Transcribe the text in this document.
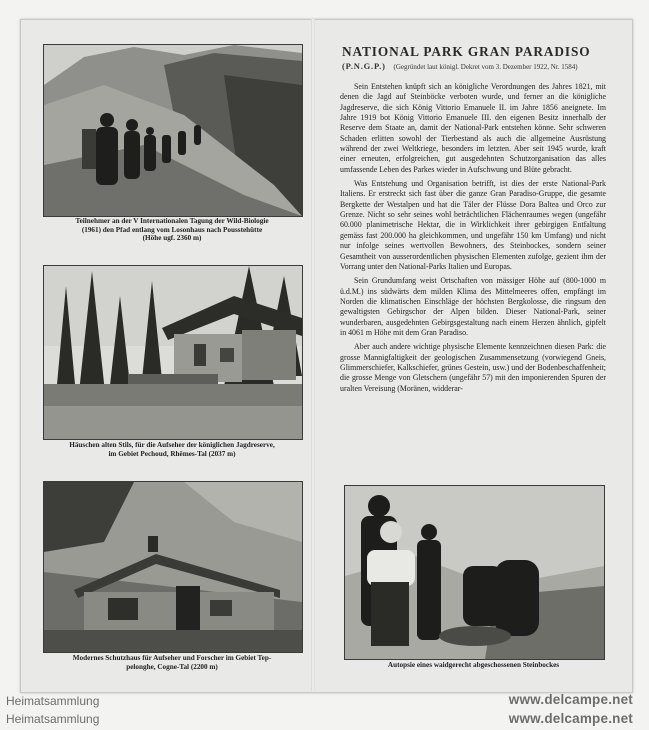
Teilnehmer an der V Internationalen Tagung der Wild-Biologie
(1961) den Pfad entlang vom Losonhaus nach Pousstehütte
(Höhe ugf. 2360 m)
Häuschen alten Stils, für die Aufseher der königlichen Jagdreserve,
im Gebiet Pechoud, Rhêmes-Tal (2037 m)
Modernes Schutzhaus für Aufseher und Forscher im Gebiet Tep-
pelonghe, Cogne-Tal (2200 m)
NATIONAL PARK GRAN PARADISO
(P.N.G.P.) (Gegründet laut königl. Dekret vom 3. Dezember 1922, Nr. 1584)

Sein Entstehen knüpft sich an königliche Verordnungen des Jahres 1821, mit denen die Jagd auf Steinböcke verboten wurde, und ferner an die königliche Jagdreserve, die sich König Vittorio Emanuele II. im Jahre 1856 aneignete. Im Jahre 1919 bot König Vittorio Emanuele III. den eigenen Besitz innerhalb der Reserve dem Staate an, damit der National-Park entstehen könne. Sehr schweren Schaden erlitten sowohl der Tierbestand als auch die allgemeine Ausrüstung während der zwei Weltkriege, besonders im letzten. Aber seit 1945 wurde, kraft einer erneuten, erfolgreichen, gut ausgedehnten Schutzorganisation das alles umfassende Leben des Parkes wieder in Aufschwung und Blüte gebracht.

Was Entstehung und Organisation betrifft, ist dies der erste National-Park Italiens. Er erstreckt sich fast über die ganze Gran Paradiso-Gruppe, die gesamte Bergkette der Westalpen und hat die Täler der Flüsse Dora Baltea und Orco zur Grenze. Nicht so sehr seines wohl beträchtlichen Flächenraumes wegen (ungefähr 60.000 planimetrische Hektar, die in Wirklichkeit ihrer gebirgigen Entfaltung gemäss fast 200.000 ha gleichkommen, und ungefähr 150 km Umfang) und nicht nur infolge seines wertvollen Bewohners, des Steinbockes, sondern seiner Gesamtheit von ausserordentlichen physischen Elementen zufolge, gezient ihm der Vorrang unter den National-Parks Italien und Europas.

Sein Grundumfang weist Ortschaften von mässiger Höhe auf (800-1000 m ü.d.M.) ins südwärts dem milden Klima des Mittelmeeres offen, empfängt im Norden die klimatischen Einschläge der höchsten Bergkolosse, die ringsum den gewaltigsten Gebirgschor der Alpen bilden. Dieser National-Park, seiner wunderbaren, ausgedehnten Gebirgsgestaltung nach einem Herzen ähnlich, gipfelt in 4061 m Höhe mit dem Gran Paradiso.

Aber auch andere wichtige physische Elemente kennzeichnen diesen Park: die grosse Mannigfaltigkeit der geologischen Zusammensetzung (vorwiegend Gneis, Glimmerschiefer, Kalkschiefer, grünes Gestein, usw.) und der Bodenbeschaffenheit; die grosse Menge von Gletschern (ungefähr 57) mit den imponierenden Spuren der uralten Vereisung (Moränen, widderar-

Autopsie eines waidgerecht abgeschossenen Steinbockes
Heimatsammlung	www.delcampe.net
Heimatsammlung	www.delcampe.net
